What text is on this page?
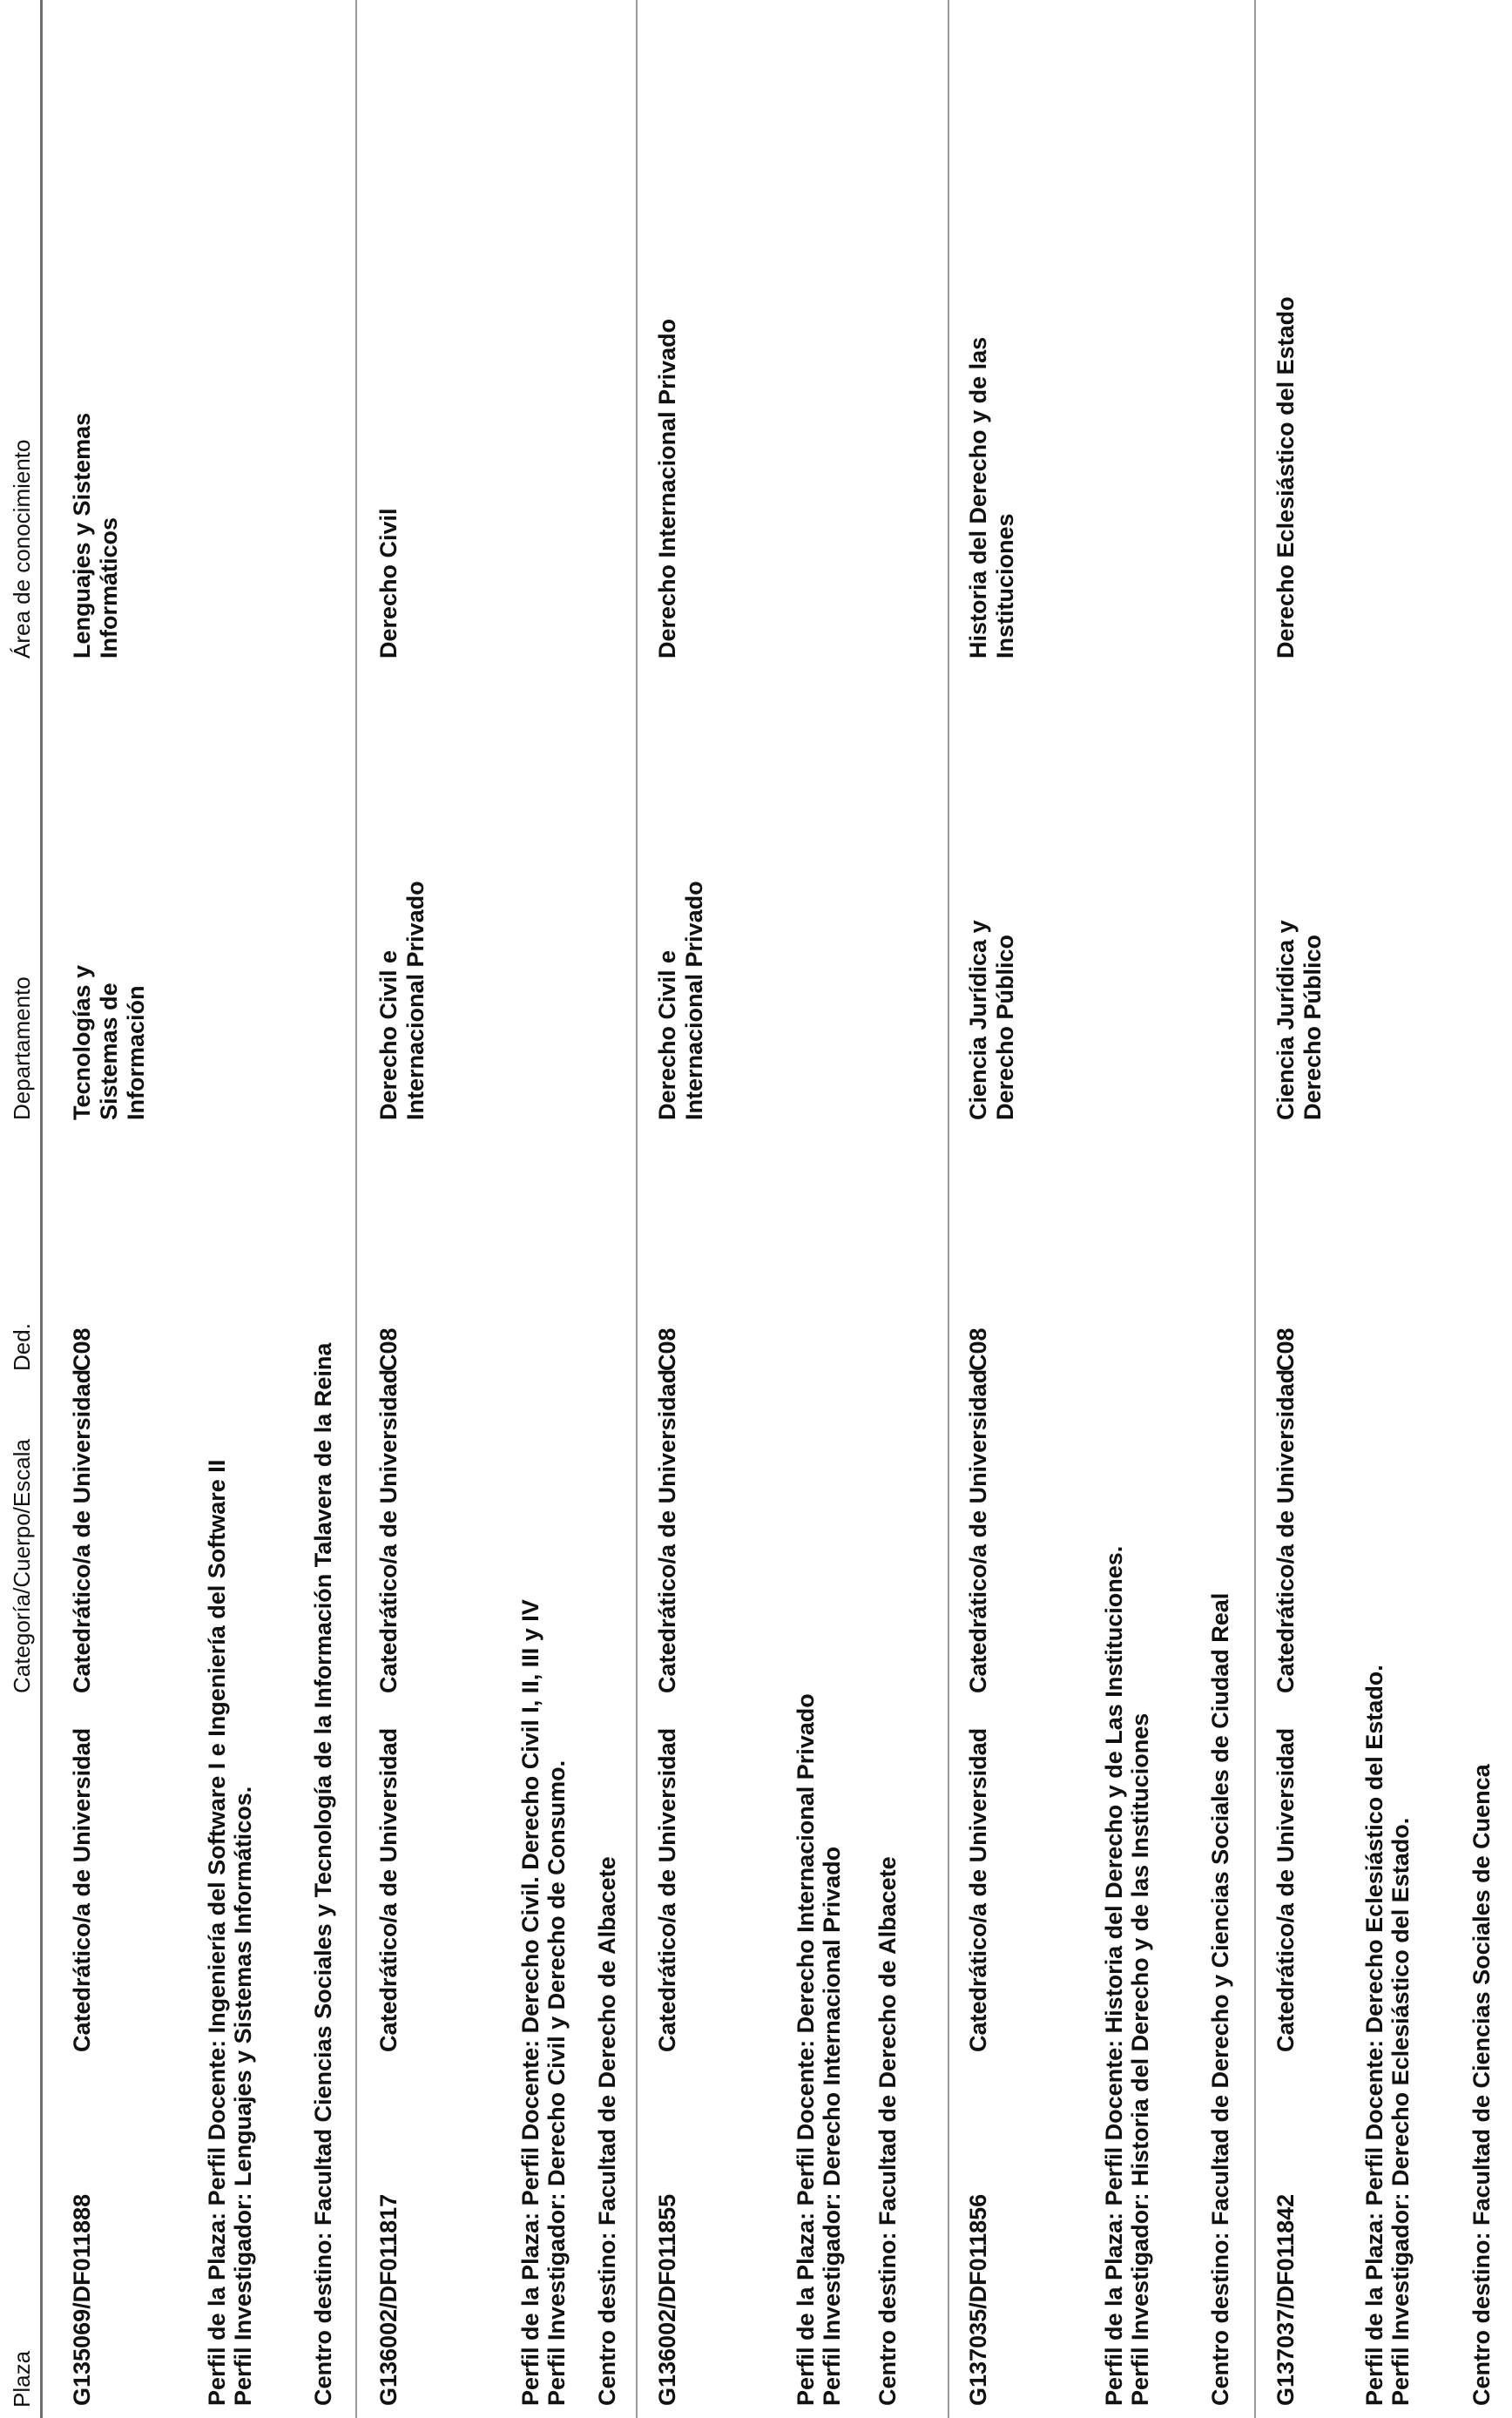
Plaza
Categoría/Cuerpo/Escala
Ded.
Departamento
Área de conocimiento
G135069/DF011888
Catedrático/a de Universidad
Catedrático/a de Universidad
C08
Tecnologías y Sistemas de Información
Lenguajes y Sistemas Informáticos
Perfil de la Plaza: Perfil Docente: Ingeniería del Software I e Ingeniería del Software II Perfil Investigador: Lenguajes y Sistemas Informáticos. Centro destino: Facultad Ciencias Sociales y Tecnología de la Información Talavera de la Reina G136002/DF011817
Catedrático/a de Universidad
Catedrático/a de Universidad
C08
Derecho Civil e Internacional Privado
Derecho Civil
Perfil de la Plaza: Perfil Docente: Derecho Civil. Derecho Civil I, II, III y IV Perfil Investigador: Derecho Civil y Derecho de Consumo. Centro destino: Facultad de Derecho de Albacete G136002/DF011855
Catedrático/a de Universidad
Catedrático/a de Universidad
C08
Derecho Civil e Internacional Privado
Derecho Internacional Privado
Perfil de la Plaza: Perfil Docente: Derecho Internacional Privado Perfil Investigador: Derecho Internacional Privado Centro destino: Facultad de Derecho de Albacete	G137035/DF011856
Catedrático/a de Universidad
Catedrático/a de Universidad
C08
Ciencia Jurídica y Derecho Público
Historia del Derecho y de las Instituciones
Perfil de la Plaza: Perfil Docente: Historia del Derecho y de Las Instituciones. Perfil Investigador: Historia del Derecho y de las Instituciones Centro destino: Facultad de Derecho y Ciencias Sociales de Ciudad Real G137037/DF011842
Catedrático/a de Universidad
Catedrático/a de Universidad
C08
Ciencia Jurídica y Derecho Público
Derecho Eclesiástico del Estado
Perfil de la Plaza: Perfil Docente: Derecho Eclesiástico del Estado. Perfil Investigador: Derecho Eclesiástico del Estado. Centro destino: Facultad de Ciencias Sociales de Cuenca
